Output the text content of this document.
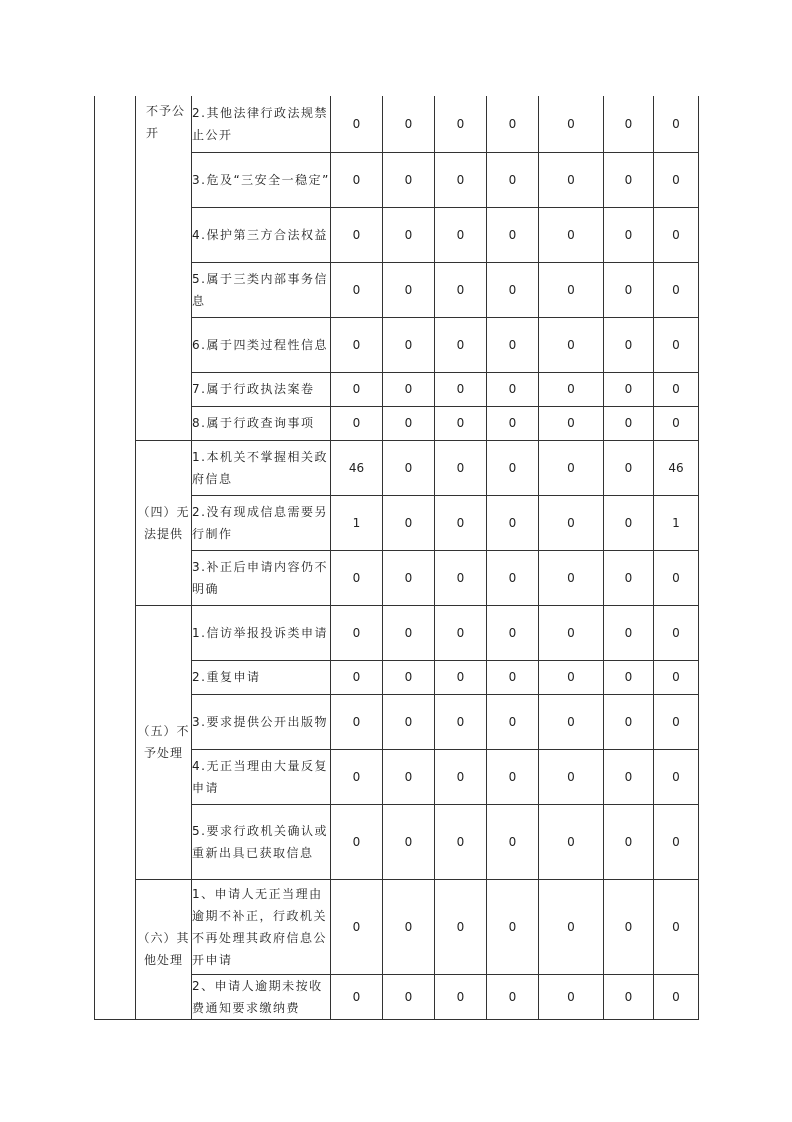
	不予公开	2.其他法律行政法规禁止公开	0	0	0	0	0	0	0
		3.危及“三安全一稳定”	0	0	0	0	0	0	0
		4.保护第三方合法权益	0	0	0	0	0	0	0
		5.属于三类内部事务信息	0	0	0	0	0	0	0
		6.属于四类过程性信息	0	0	0	0	0	0	0
		7.属于行政执法案卷	0	0	0	0	0	0	0
		8.属于行政查询事项	0	0	0	0	0	0	0
	（四）无法提供	1.本机关不掌握相关政府信息	46	0	0	0	0	0	46
		2.没有现成信息需要另行制作	1	0	0	0	0	0	1
		3.补正后申请内容仍不明确	0	0	0	0	0	0	0
	（五）不予处理	1.信访举报投诉类申请	0	0	0	0	0	0	0
		2.重复申请	0	0	0	0	0	0	0
		3.要求提供公开出版物	0	0	0	0	0	0	0
		4.无正当理由大量反复申请	0	0	0	0	0	0	0
		5.要求行政机关确认或重新出具已获取信息	0	0	0	0	0	0	0
	（六）其他处理	1、申请人无正当理由逾期不补正，行政机关不再处理其政府信息公开申请	0	0	0	0	0	0	0
		2、申请人逾期未按收费通知要求缴纳费	0	0	0	0	0	0	0
